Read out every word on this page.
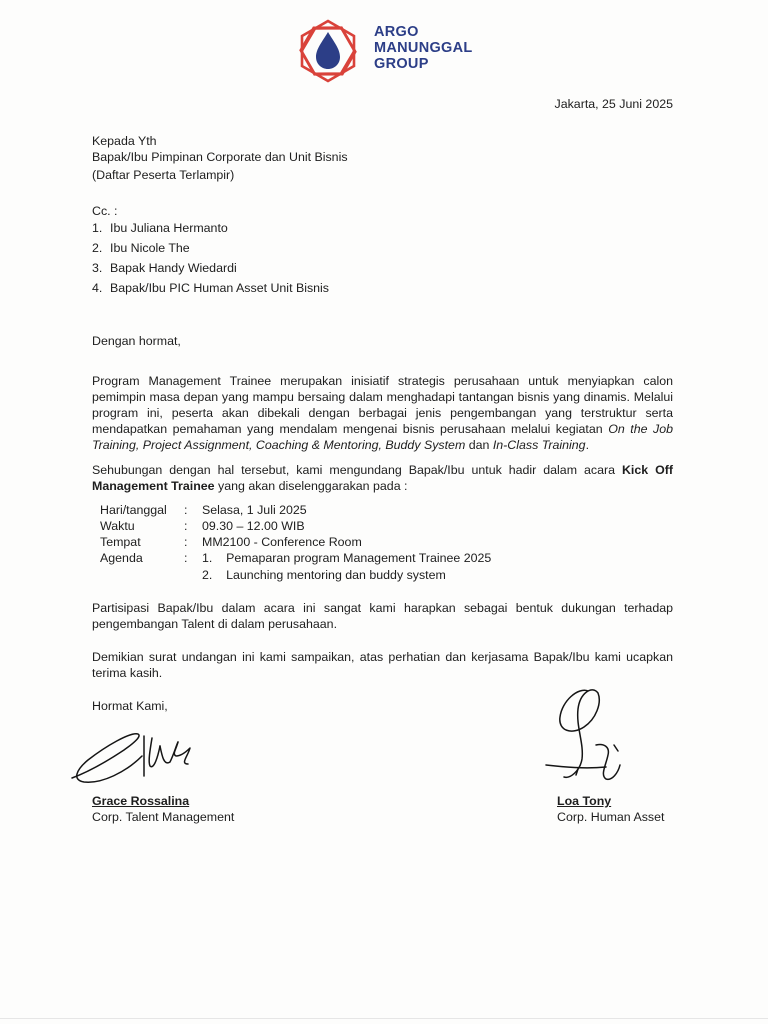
ARGO
MANUNGGAL
GROUP
Jakarta, 25 Juni 2025
Kepada Yth
Bapak/Ibu Pimpinan Corporate dan Unit Bisnis
(Daftar Peserta Terlampir)
Cc. :
1. Ibu Juliana Hermanto
2. Ibu Nicole The
3. Bapak Handy Wiedardi
4. Bapak/Ibu PIC Human Asset Unit Bisnis
Dengan hormat,
Program Management Trainee merupakan inisiatif strategis perusahaan untuk menyiapkan calon pemimpin masa depan yang mampu bersaing dalam menghadapi tantangan bisnis yang dinamis. Melalui program ini, peserta akan dibekali dengan berbagai jenis pengembangan yang terstruktur serta mendapatkan pemahaman yang mendalam mengenai bisnis perusahaan melalui kegiatan On the Job Training, Project Assignment, Coaching & Mentoring, Buddy System dan In-Class Training.
Sehubungan dengan hal tersebut, kami mengundang Bapak/Ibu untuk hadir dalam acara Kick Off Management Trainee yang akan diselenggarakan pada :
Hari/tanggal : Selasa, 1 Juli 2025
Waktu	: 09.30 – 12.00 WIB
Tempat	: MM2100 - Conference Room
Agenda	: 1.    Pemaparan program Management Trainee 2025
2.    Launching mentoring dan buddy system
Partisipasi Bapak/Ibu dalam acara ini sangat kami harapkan sebagai bentuk dukungan terhadap pengembangan Talent di dalam perusahaan.
Demikian surat undangan ini kami sampaikan, atas perhatian dan kerjasama Bapak/Ibu kami ucapkan terima kasih.
Hormat Kami,
Grace Rossalina
Corp. Talent Management
Loa Tony
Corp. Human Asset
